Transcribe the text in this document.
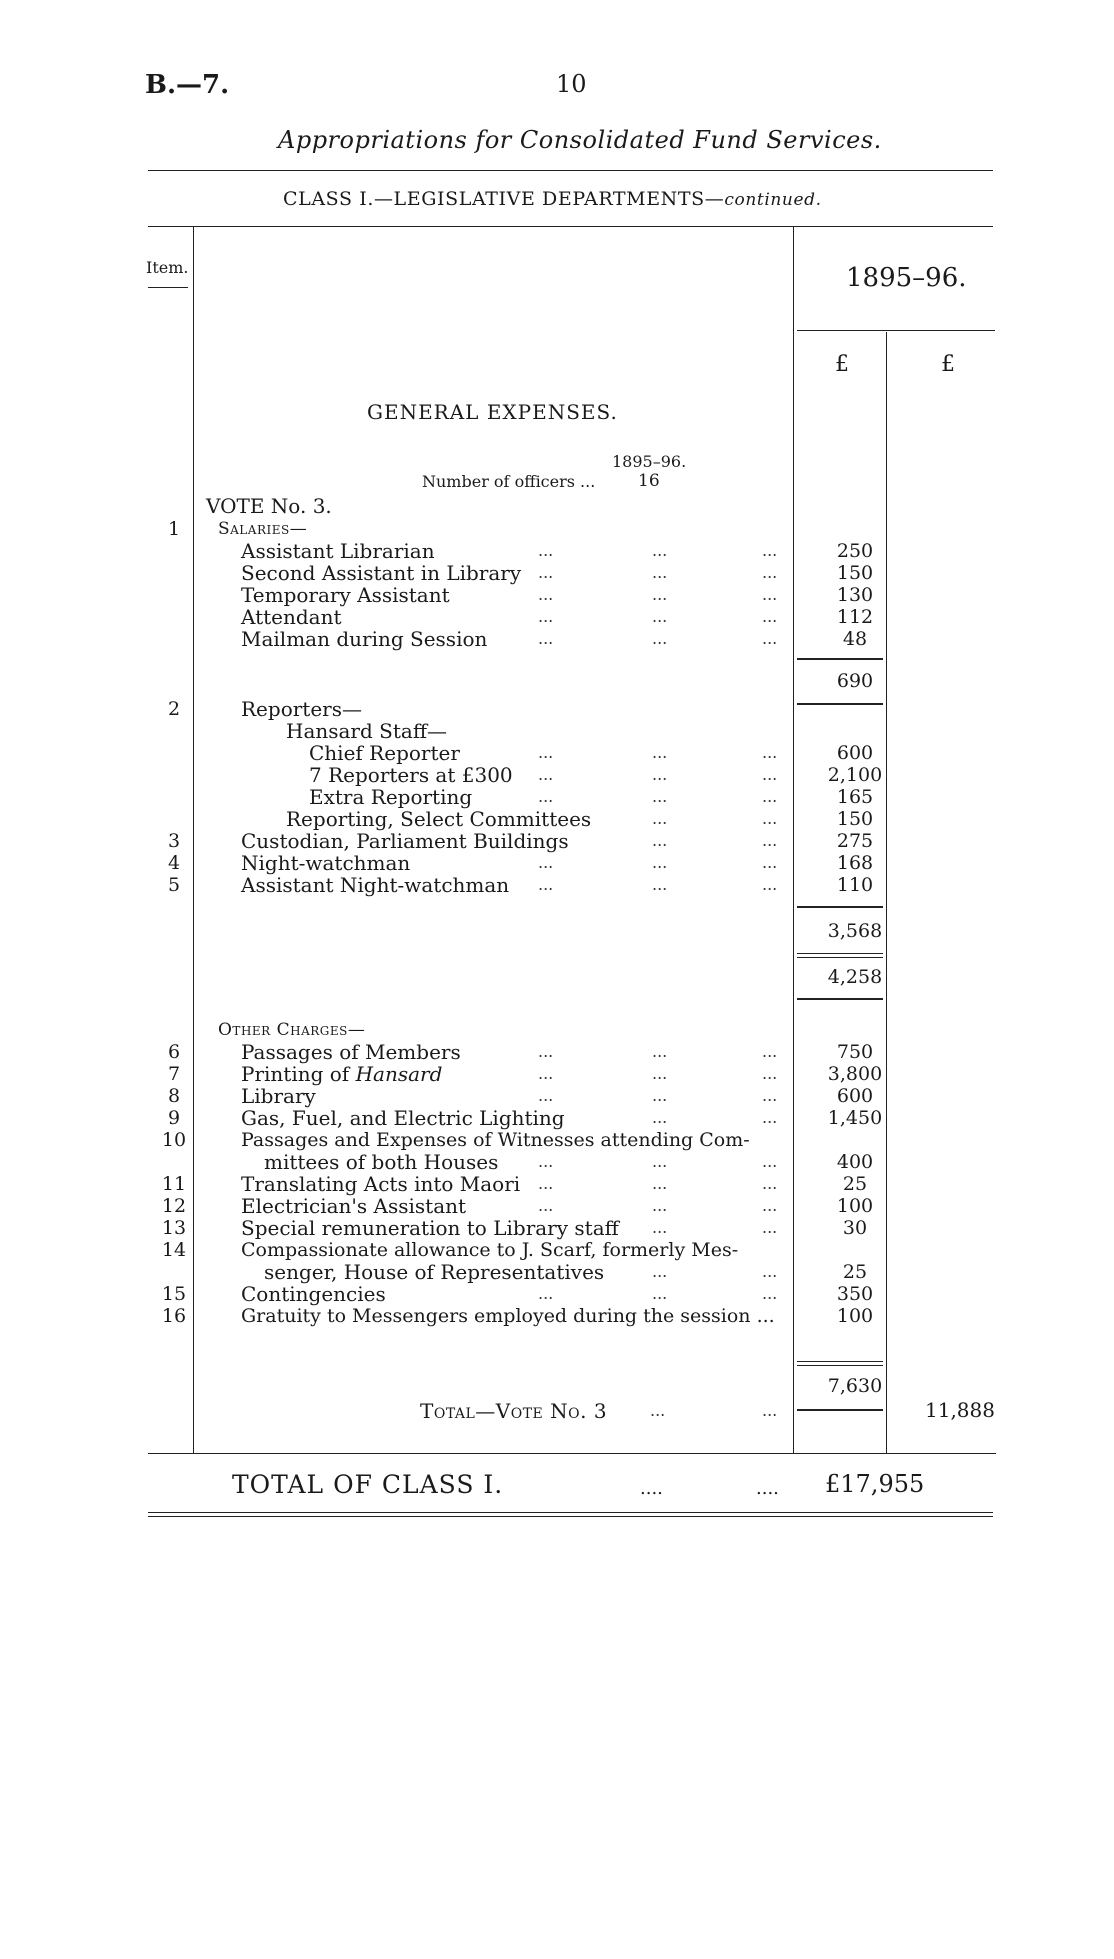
B.—7.	10
Appropriations for Consolidated Fund Services.
CLASS I.—LEGISLATIVE DEPARTMENTS—continued.
Item.	1895–96.
£	£
GENERAL EXPENSES.
1895–96.
Number of officers ...	16
VOTE No. 3.
1	Salaries—
Assistant Librarian	...	...	...	250
Second Assistant in Library ...	...	...	150
Temporary Assistant	...	...	...	130
Attendant	...	...	...	112
Mailman during Session	...	...	...	48
690
2	Reporters—
Hansard Staff—
Chief Reporter	...	...	...	600
7 Reporters at £300 ...	...	...	2,100
Extra Reporting	...	...	...	165
Reporting, Select Committees	...	...	150
3	Custodian, Parliament Buildings	...	...	275
4	Night-watchman	...	...	...	168
5	Assistant Night-watchman ...	...	...	110
3,568
4,258
Other Charges—
6	Passages of Members	...	...	...	750
7	Printing of Hansard	...	...	...	3,800
8	Library	...	...	...	600
9	Gas, Fuel, and Electric Lighting	...	...	1,450
10	Passages and Expenses of Witnesses attending Com-
mittees of both Houses ...	...	...	400
11	Translating Acts into Maori ...	...	...	25
12	Electrician's Assistant	...	...	...	100
13	Special remuneration to Library staff ...	...	30
14	Compassionate allowance to J. Scarf, formerly Mes-
senger, House of Representatives	...	...	25
15	Contingencies	...	...	...	350
16	Gratuity to Messengers employed during the session ...	100
7,630
Total—Vote No. 3	...	...	11,888
TOTAL OF CLASS I.	....	.... £17,955
